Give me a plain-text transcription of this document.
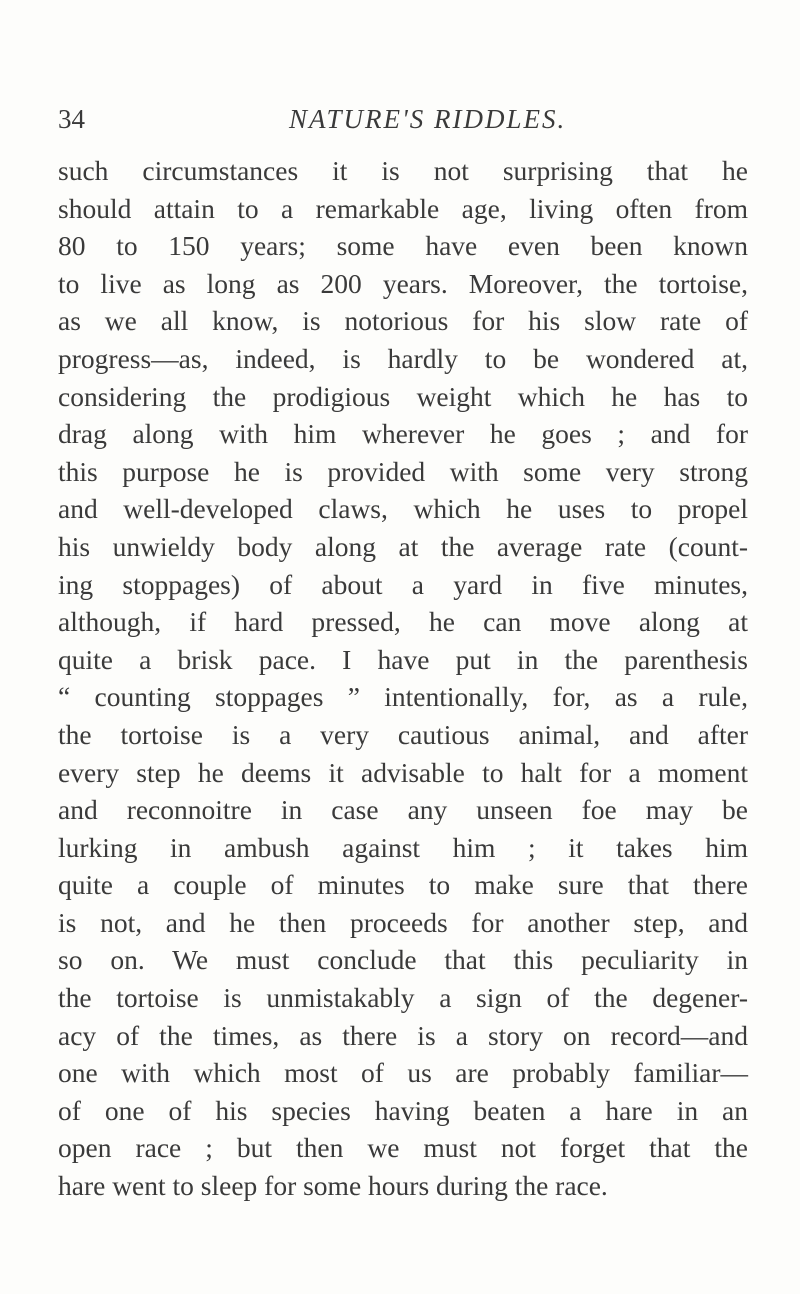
34	NATURE'S RIDDLES.
such circumstances it is not surprising that he
should attain to a remarkable age, living often from
80 to 150 years; some have even been known
to live as long as 200 years. Moreover, the tortoise,
as we all know, is notorious for his slow rate of
progress—as, indeed, is hardly to be wondered at,
considering the prodigious weight which he has to
drag along with him wherever he goes ; and for
this purpose he is provided with some very strong
and well-developed claws, which he uses to propel
his unwieldy body along at the average rate (count-
ing stoppages) of about a yard in five minutes,
although, if hard pressed, he can move along at
quite a brisk pace. I have put in the parenthesis
“ counting stoppages ” intentionally, for, as a rule,
the tortoise is a very cautious animal, and after
every step he deems it advisable to halt for a moment
and reconnoitre in case any unseen foe may be
lurking in ambush against him ; it takes him
quite a couple of minutes to make sure that there
is not, and he then proceeds for another step, and
so on. We must conclude that this peculiarity in
the tortoise is unmistakably a sign of the degener-
acy of the times, as there is a story on record—and
one with which most of us are probably familiar—
of one of his species having beaten a hare in an
open race ; but then we must not forget that the
hare went to sleep for some hours during the race.
